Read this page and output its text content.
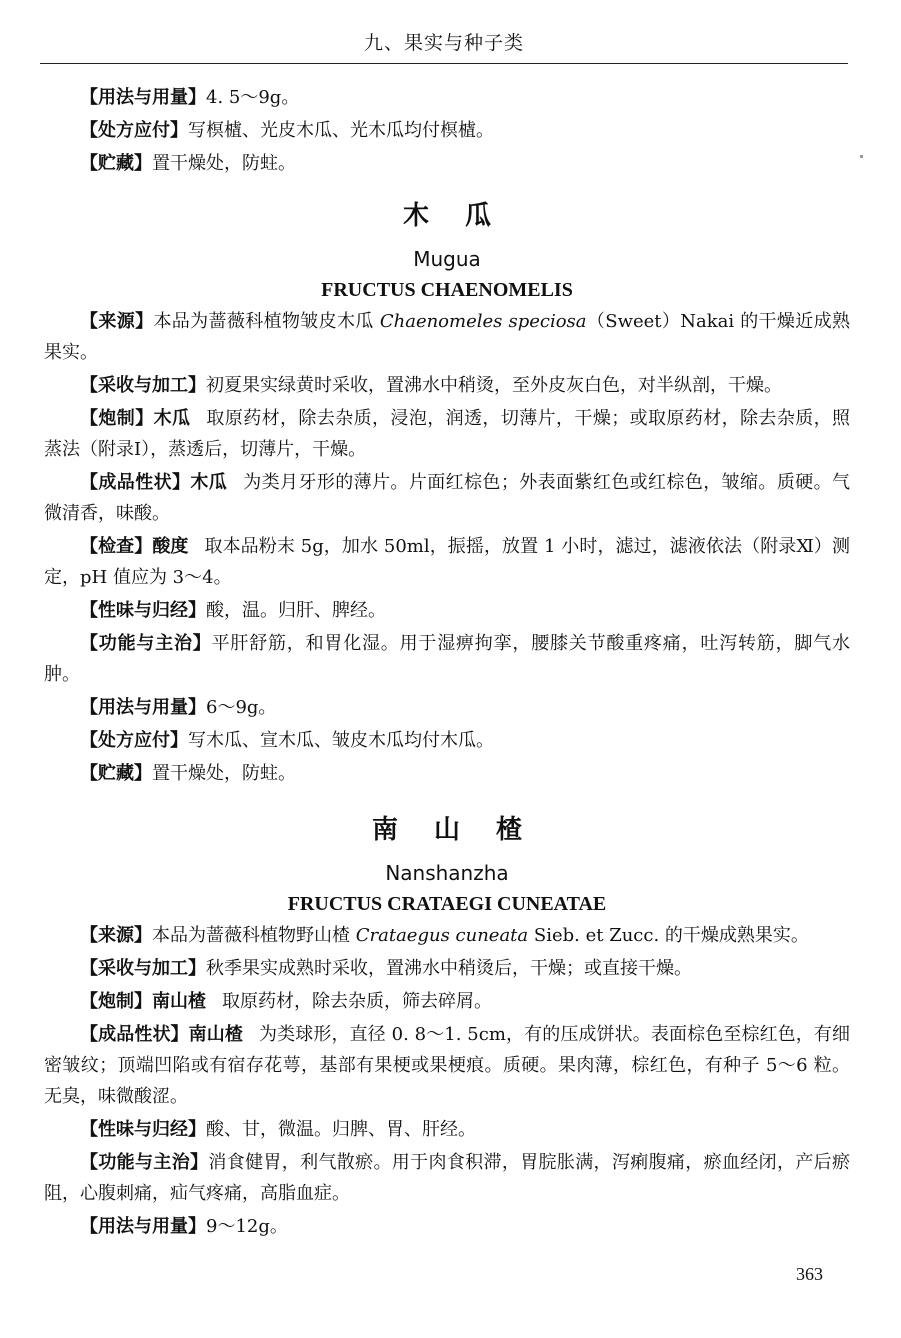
九、果实与种子类

【用法与用量】4. 5～9g。

【处方应付】写榠樝、光皮木瓜、光木瓜均付榠樝。

【贮藏】置干燥处，防蛀。

木瓜
Mugua
FRUCTUS CHAENOMELIS

【来源】本品为蔷薇科植物皱皮木瓜 Chaenomeles speciosa（Sweet）Nakai 的干燥近成熟果实。

【采收与加工】初夏果实绿黄时采收，置沸水中稍烫，至外皮灰白色，对半纵剖，干燥。

【炮制】木瓜 取原药材，除去杂质，浸泡，润透，切薄片，干燥；或取原药材，除去杂质，照蒸法（附录Ⅰ），蒸透后，切薄片，干燥。

【成品性状】木瓜 为类月牙形的薄片。片面红棕色；外表面紫红色或红棕色，皱缩。质硬。气微清香，味酸。

【检查】酸度 取本品粉末 5g，加水 50ml，振摇，放置 1 小时，滤过，滤液依法（附录Ⅺ）测定，pH 值应为 3～4。

【性味与归经】酸，温。归肝、脾经。

【功能与主治】平肝舒筋，和胃化湿。用于湿痹拘挛，腰膝关节酸重疼痛，吐泻转筋，脚气水肿。

【用法与用量】6～9g。

【处方应付】写木瓜、宣木瓜、皱皮木瓜均付木瓜。

【贮藏】置干燥处，防蛀。

南山楂
Nanshanzha
FRUCTUS CRATAEGI CUNEATAE

【来源】本品为蔷薇科植物野山楂 Crataegus cuneata Sieb. et Zucc. 的干燥成熟果实。

【采收与加工】秋季果实成熟时采收，置沸水中稍烫后，干燥；或直接干燥。

【炮制】南山楂 取原药材，除去杂质，筛去碎屑。

【成品性状】南山楂 为类球形，直径 0. 8～1. 5cm，有的压成饼状。表面棕色至棕红色，有细密皱纹；顶端凹陷或有宿存花萼，基部有果梗或果梗痕。质硬。果肉薄，棕红色，有种子 5～6 粒。无臭，味微酸涩。

【性味与归经】酸、甘，微温。归脾、胃、肝经。

【功能与主治】消食健胃，利气散瘀。用于肉食积滞，胃脘胀满，泻痢腹痛，瘀血经闭，产后瘀阻，心腹刺痛，疝气疼痛，高脂血症。

【用法与用量】9～12g。

363
